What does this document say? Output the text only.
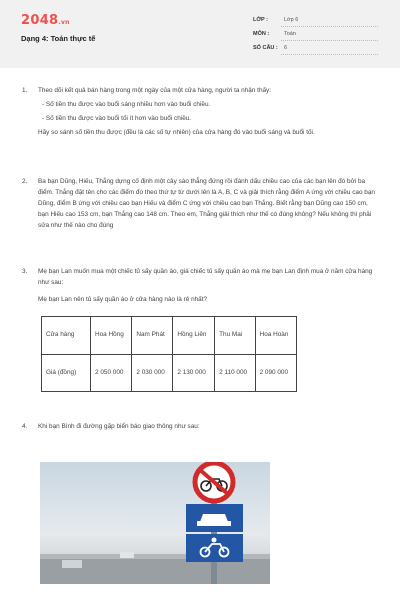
2048.vn
Dạng 4: Toán thực tế
LỚP :	Lớp 6
MÔN :	Toán
SỐ CÂU : 6
1. Theo dõi kết quả bán hàng trong một ngày của một cửa hàng, người ta nhận thấy:

- Số tiền thu được vào buổi sáng nhiều hơn vào buổi chiều.

- Số tiền thu được vào buổi tối ít hơn vào buổi chiều.

Hãy so sánh số tiền thu được (đều là các số tự nhiên) của cửa hàng đó vào buổi sáng và buổi tối.

2. Ba bạn Dũng, Hiếu, Thắng dựng cố định một cây sào thẳng đứng rồi đánh dấu chiều cao của các bạn lên đó bởi ba điểm. Thắng đặt tên cho các điểm đó theo thứ tự từ dưới lên là A, B, C và giải thích rằng điểm A ứng với chiều cao bạn Dũng, điểm B ứng với chiều cao bạn Hiếu và điểm C ứng với chiều cao bạn Thắng. Biết rằng bạn Dũng cao 150 cm, bạn Hiếu cao 153 cm, bạn Thắng cao 148 cm. Theo em, Thắng giải thích như thế có đúng không? Nếu không thì phải sửa như thế nào cho đúng

3. Mẹ bạn Lan muốn mua một chiếc tủ sấy quần áo, giá chiếc tủ sấy quần áo mà mẹ bạn Lan định mua ở năm cửa hàng như sau:

Mẹ bạn Lan nên tủ sấy quần áo ở cửa hàng nào là rẻ nhất?

Cửa hàng	Hoa Hồng	Nam Phát	Hồng Liên	Thu Mai	Hoa Hoàn
Giá (đồng)	2 050 000	2 030 000	2 130 000	2 110 000	2 090 000
4. Khi bạn Bình đi đường gặp biển báo giao thông như sau:
